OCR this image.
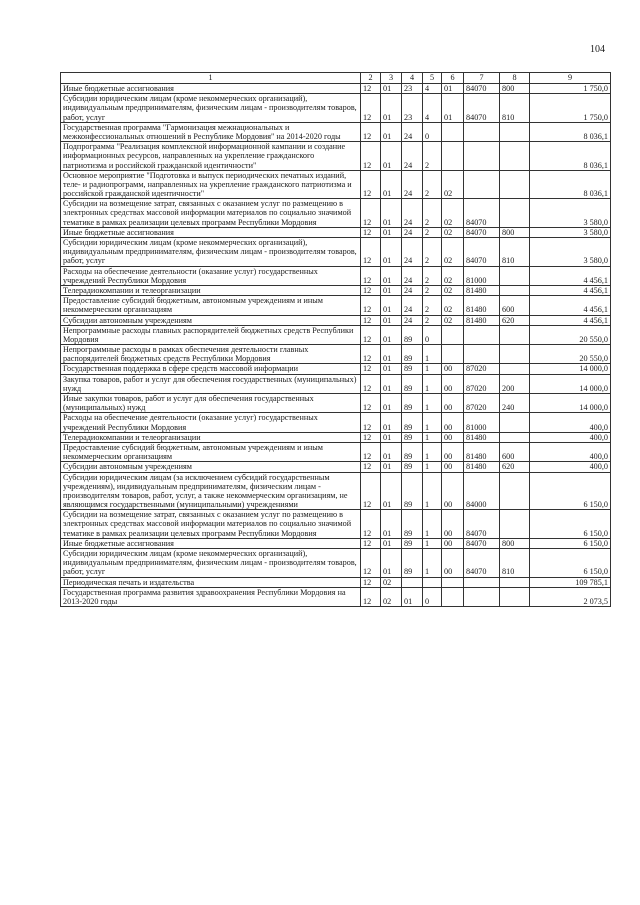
104
1	2	3	4	5	6	7	8	9
Иные бюджетные ассигнования	12	01	23	4	01	84070	800	1 750,0
Субсидии юридическим лицам (кроме некоммерческих организаций), индивидуальным предпринимателям, физическим лицам - производителям товаров, работ, услуг	12	01	23	4	01	84070	810	1 750,0
Государственная программа "Гармонизация межнациональных и межконфессиональных отношений в Республике Мордовия" на 2014-2020 годы	12	01	24	0				8 036,1
Подпрограмма "Реализация комплексной информационной кампании и создание информационных ресурсов, направленных на укрепление гражданского патриотизма и российской гражданской идентичности"	12	01	24	2				8 036,1
Основное мероприятие "Подготовка и выпуск периодических печатных изданий, теле- и радиопрограмм, направленных на укрепление гражданского патриотизма и российской гражданской идентичности"	12	01	24	2	02			8 036,1
Субсидии на возмещение затрат, связанных с оказанием услуг по размещению в электронных средствах массовой информации материалов по социально значимой тематике в рамках реализации целевых программ Республики Мордовия	12	01	24	2	02	84070		3 580,0
Иные бюджетные ассигнования	12	01	24	2	02	84070	800	3 580,0
Субсидии юридическим лицам (кроме некоммерческих организаций), индивидуальным предпринимателям, физическим лицам - производителям товаров, работ, услуг	12	01	24	2	02	84070	810	3 580,0
Расходы на обеспечение деятельности (оказание услуг) государственных учреждений Республики Мордовия	12	01	24	2	02	81000		4 456,1
Телерадиокомпании и телеорганизации	12	01	24	2	02	81480		4 456,1
Предоставление субсидий бюджетным, автономным учреждениям и иным некоммерческим организациям	12	01	24	2	02	81480	600	4 456,1
Субсидии автономным учреждениям	12	01	24	2	02	81480	620	4 456,1
Непрограммные расходы главных распорядителей бюджетных средств Республики Мордовия	12	01	89	0				20 550,0
Непрограммные расходы в рамках обеспечения деятельности главных распорядителей бюджетных средств Республики Мордовия	12	01	89	1				20 550,0
Государственная поддержка в сфере средств массовой информации	12	01	89	1	00	87020		14 000,0
Закупка товаров, работ и услуг для обеспечения государственных (муниципальных) нужд	12	01	89	1	00	87020	200	14 000,0
Иные закупки товаров, работ и услуг для обеспечения государственных (муниципальных) нужд	12	01	89	1	00	87020	240	14 000,0
Расходы на обеспечение деятельности (оказание услуг) государственных учреждений Республики Мордовия	12	01	89	1	00	81000		400,0
Телерадиокомпании и телеорганизации	12	01	89	1	00	81480		400,0
Предоставление субсидий бюджетным, автономным учреждениям и иным некоммерческим организациям	12	01	89	1	00	81480	600	400,0
Субсидии автономным учреждениям	12	01	89	1	00	81480	620	400,0
Субсидии юридическим лицам (за исключением субсидий государственным учреждениям), индивидуальным предпринимателям, физическим лицам - производителям товаров, работ, услуг, а также некоммерческим организациям, не являющимся государственными (муниципальными) учреждениями	12	01	89	1	00	84000		6 150,0
Субсидии на возмещение затрат, связанных с оказанием услуг по размещению в электронных средствах массовой информации материалов по социально значимой тематике в рамках реализации целевых программ Республики Мордовия	12	01	89	1	00	84070		6 150,0
Иные бюджетные ассигнования	12	01	89	1	00	84070	800	6 150,0
Субсидии юридическим лицам (кроме некоммерческих организаций), индивидуальным предпринимателям, физическим лицам - производителям товаров, работ, услуг	12	01	89	1	00	84070	810	6 150,0
Периодическая печать и издательства	12	02						109 785,1
Государственная программа развития здравоохранения Республики Мордовия на 2013-2020 годы	12	02	01	0				2 073,5
